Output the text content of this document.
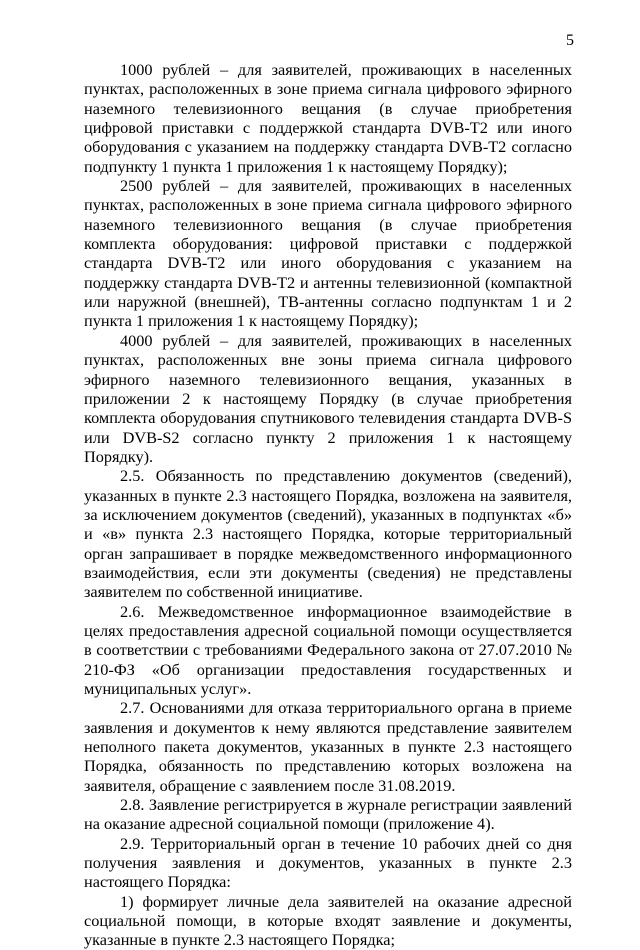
5

1000 рублей – для заявителей, проживающих в населенных пунктах, расположенных в зоне приема сигнала цифрового эфирного наземного телевизионного вещания (в случае приобретения цифровой приставки с поддержкой стандарта DVB-T2 или иного оборудования с указанием на поддержку стандарта DVB-T2 согласно подпункту 1 пункта 1 приложения 1 к настоящему Порядку);

2500 рублей – для заявителей, проживающих в населенных пунктах, расположенных в зоне приема сигнала цифрового эфирного наземного телевизионного вещания (в случае приобретения комплекта оборудования: цифровой приставки с поддержкой стандарта DVB-T2 или иного оборудования с указанием на поддержку стандарта DVB-T2 и антенны телевизионной (компактной или наружной (внешней), ТВ-антенны согласно подпунктам 1 и 2 пункта 1 приложения 1 к настоящему Порядку);

4000 рублей – для заявителей, проживающих в населенных пунктах, расположенных вне зоны приема сигнала цифрового эфирного наземного телевизионного вещания, указанных в приложении 2 к настоящему Порядку (в случае приобретения комплекта оборудования спутникового телевидения стандарта DVB-S или DVB-S2 согласно пункту 2 приложения 1 к настоящему Порядку).

2.5. Обязанность по представлению документов (сведений), указанных в пункте 2.3 настоящего Порядка, возложена на заявителя, за исключением документов (сведений), указанных в подпунктах «б» и «в» пункта 2.3 настоящего Порядка, которые территориальный орган запрашивает в порядке межведомственного информационного взаимодействия, если эти документы (сведения) не представлены заявителем по собственной инициативе.

2.6. Межведомственное информационное взаимодействие в целях предоставления адресной социальной помощи осуществляется в соответствии с требованиями Федерального закона от 27.07.2010 № 210-ФЗ «Об организации предоставления государственных и муниципальных услуг».

2.7. Основаниями для отказа территориального органа в приеме заявления и документов к нему являются представление заявителем неполного пакета документов, указанных в пункте 2.3 настоящего Порядка, обязанность по представлению которых возложена на заявителя, обращение с заявлением после 31.08.2019.

2.8. Заявление регистрируется в журнале регистрации заявлений на оказание адресной социальной помощи (приложение 4).

2.9. Территориальный орган в течение 10 рабочих дней со дня получения заявления и документов, указанных в пункте 2.3 настоящего Порядка:

1) формирует личные дела заявителей на оказание адресной социальной помощи, в которые входят заявление и документы, указанные в пункте 2.3 настоящего Порядка;
